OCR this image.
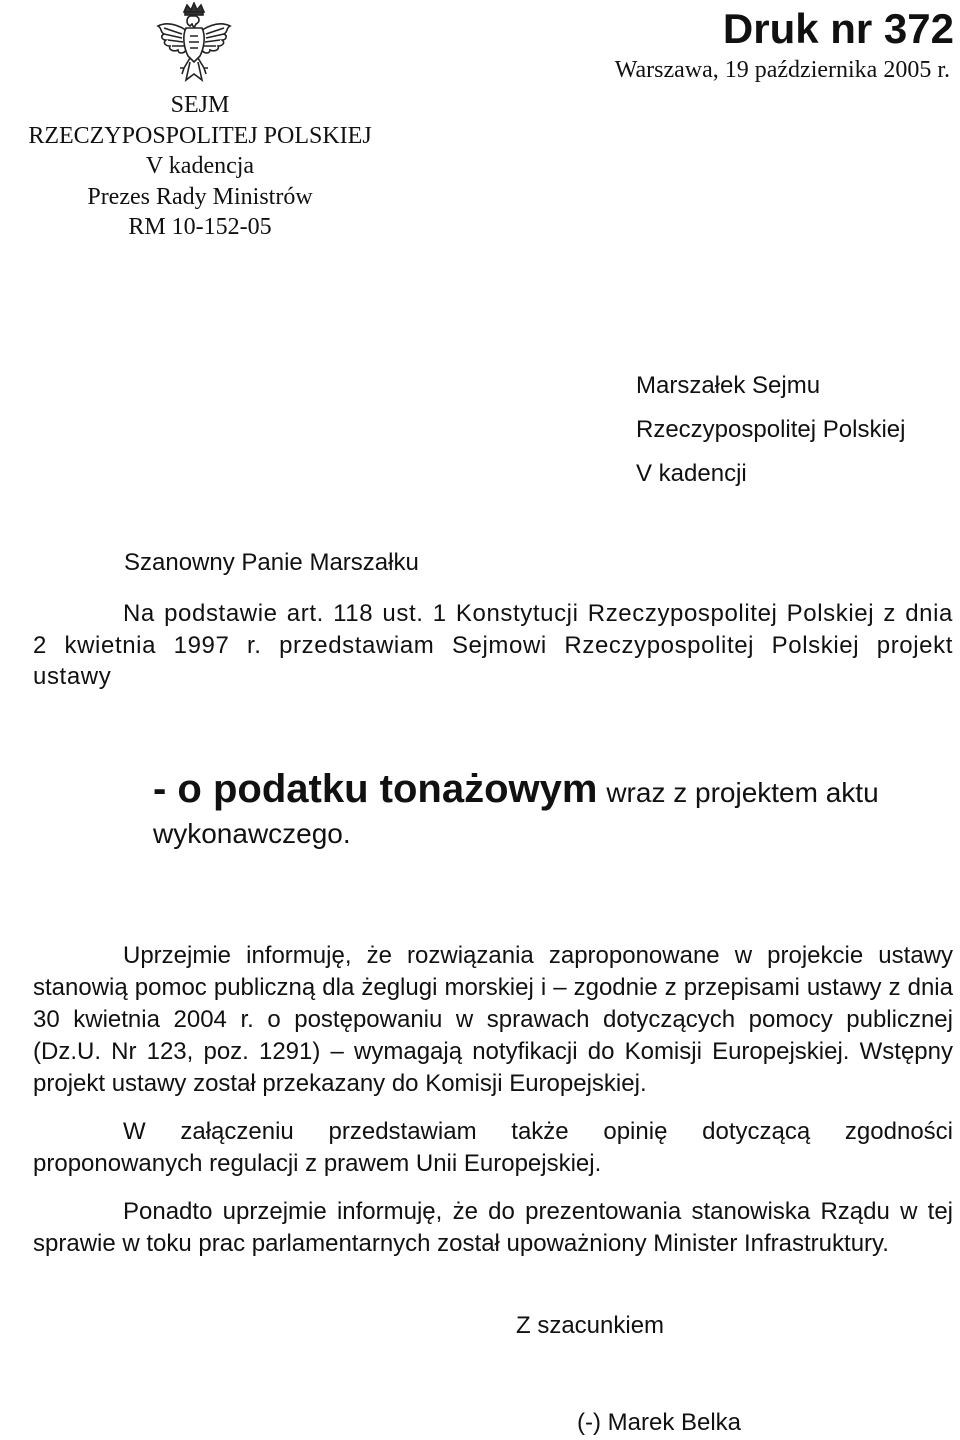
SEJM
RZECZYPOSPOLITEJ POLSKIEJ
V kadencja
Prezes Rady Ministrów
RM 10-152-05
Druk nr 372
Warszawa, 19 października 2005 r.
Marszałek Sejmu
Rzeczypospolitej Polskiej
V kadencji
Szanowny Panie Marszałku
Na podstawie art. 118 ust. 1 Konstytucji Rzeczypospolitej Polskiej z dnia 2 kwietnia 1997 r. przedstawiam Sejmowi Rzeczypospolitej Polskiej projekt ustawy
- o podatku tonażowym wraz z projektem aktu
wykonawczego.
Uprzejmie informuję, że rozwiązania zaproponowane w projekcie ustawy stanowią pomoc publiczną dla żeglugi morskiej i – zgodnie z przepisami ustawy z dnia 30 kwietnia 2004 r. o postępowaniu w sprawach dotyczących pomocy publicznej (Dz.U. Nr 123, poz. 1291) – wymagają notyfikacji do Komisji Europejskiej. Wstępny projekt ustawy został przekazany do Komisji Europejskiej.
W załączeniu przedstawiam także opinię dotyczącą zgodności proponowanych regulacji z prawem Unii Europejskiej.
Ponadto uprzejmie informuję, że do prezentowania stanowiska Rządu w tej sprawie w toku prac parlamentarnych został upoważniony Minister Infrastruktury.
Z szacunkiem
(-) Marek Belka
